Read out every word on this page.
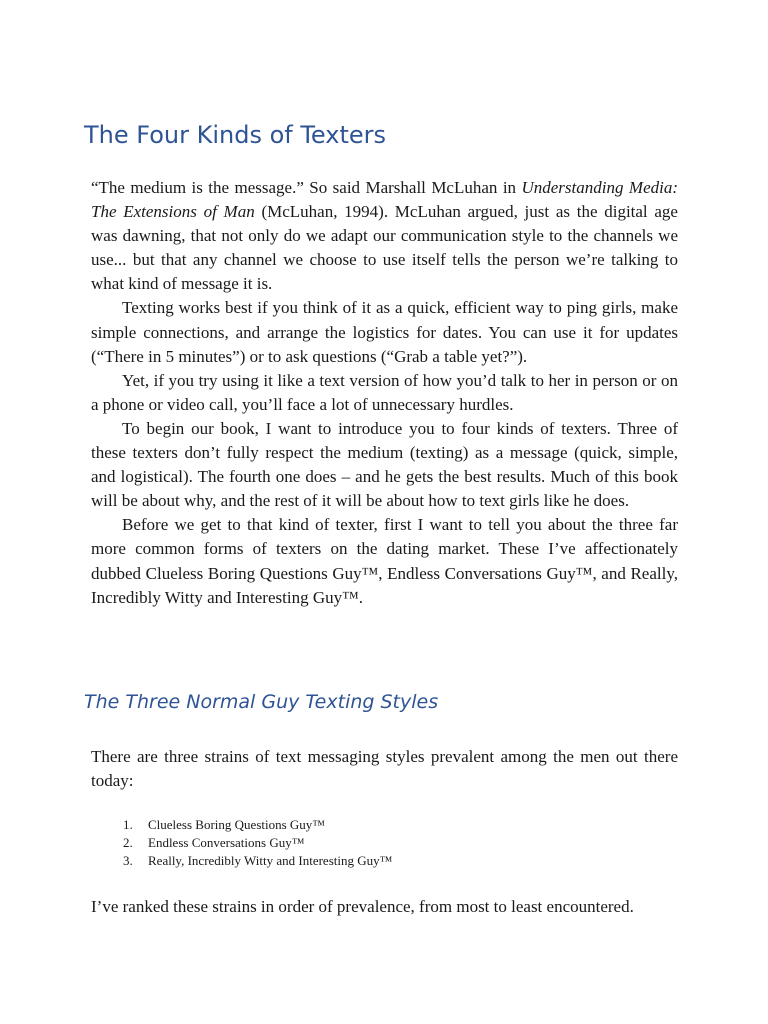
The Four Kinds of Texters

“The medium is the message.” So said Marshall McLuhan in Understanding Media: The Extensions of Man (McLuhan, 1994). McLuhan argued, just as the digital age was dawning, that not only do we adapt our communication style to the channels we use... but that any channel we choose to use itself tells the person we’re talking to what kind of message it is.

Texting works best if you think of it as a quick, efficient way to ping girls, make simple connections, and arrange the logistics for dates. You can use it for updates (“There in 5 minutes”) or to ask questions (“Grab a table yet?”).

Yet, if you try using it like a text version of how you’d talk to her in person or on a phone or video call, you’ll face a lot of unnecessary hurdles.

To begin our book, I want to introduce you to four kinds of texters. Three of these texters don’t fully respect the medium (texting) as a message (quick, simple, and logistical). The fourth one does – and he gets the best results. Much of this book will be about why, and the rest of it will be about how to text girls like he does.

Before we get to that kind of texter, first I want to tell you about the three far more common forms of texters on the dating market. These I’ve affectionately dubbed Clueless Boring Questions Guy™, Endless Conversations Guy™, and Really, Incredibly Witty and Interesting Guy™.

The Three Normal Guy Texting Styles

There are three strains of text messaging styles prevalent among the men out there today:

1.	Clueless Boring Questions Guy™
2.	Endless Conversations Guy™
3.	Really, Incredibly Witty and Interesting Guy™

I’ve ranked these strains in order of prevalence, from most to least encountered.
